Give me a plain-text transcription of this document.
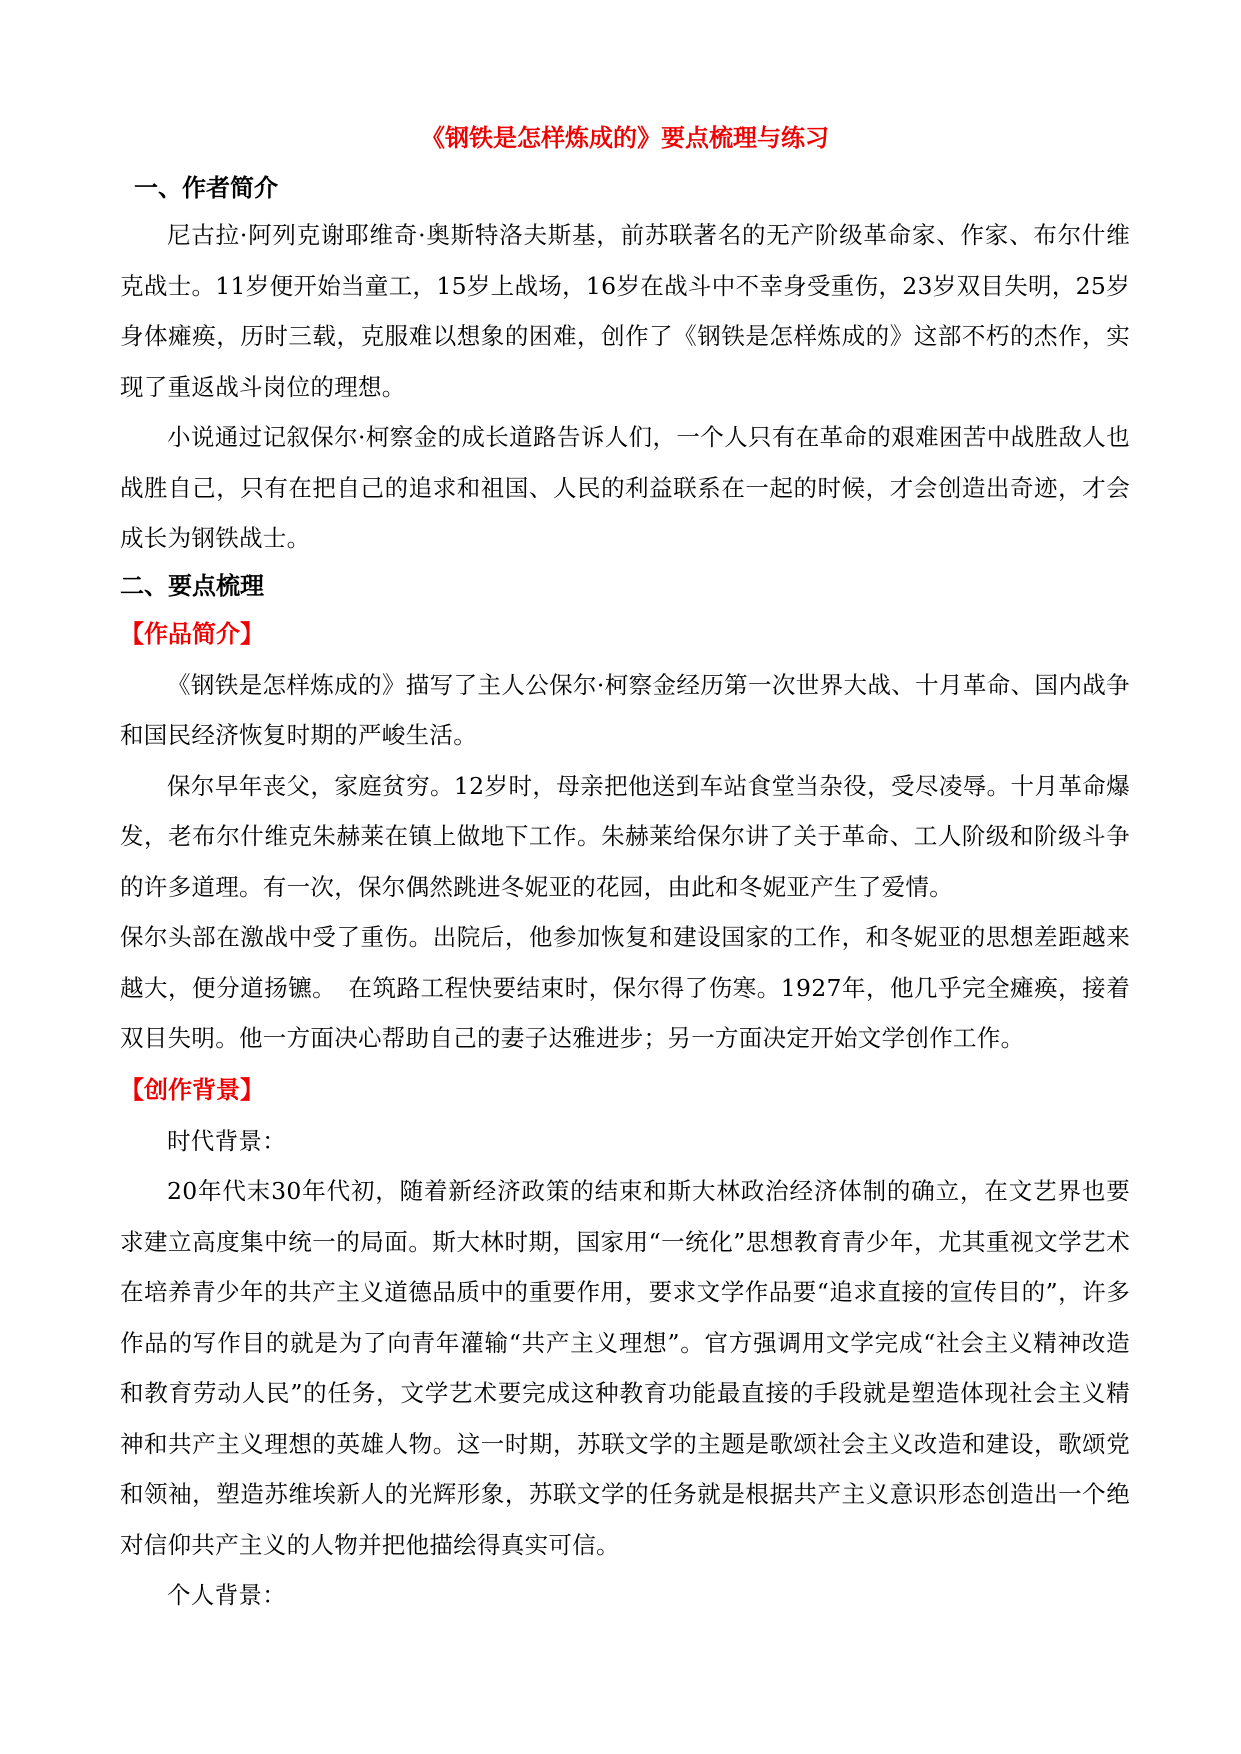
《钢铁是怎样炼成的》要点梳理与练习
一、作者简介

尼古拉·阿列克谢耶维奇·奥斯特洛夫斯基，前苏联著名的无产阶级革命家、作家、布尔什维克战士。11岁便开始当童工，15岁上战场，16岁在战斗中不幸身受重伤，23岁双目失明，25岁身体瘫痪，历时三载，克服难以想象的困难，创作了《钢铁是怎样炼成的》这部不朽的杰作，实现了重返战斗岗位的理想。

小说通过记叙保尔·柯察金的成长道路告诉人们，一个人只有在革命的艰难困苦中战胜敌人也战胜自己，只有在把自己的追求和祖国、人民的利益联系在一起的时候，才会创造出奇迹，才会成长为钢铁战士。

二、要点梳理
【作品简介】

《钢铁是怎样炼成的》描写了主人公保尔·柯察金经历第一次世界大战、十月革命、国内战争和国民经济恢复时期的严峻生活。

保尔早年丧父，家庭贫穷。12岁时，母亲把他送到车站食堂当杂役，受尽凌辱。十月革命爆发，老布尔什维克朱赫莱在镇上做地下工作。朱赫莱给保尔讲了关于革命、工人阶级和阶级斗争的许多道理。有一次，保尔偶然跳进冬妮亚的花园，由此和冬妮亚产生了爱情。

保尔头部在激战中受了重伤。出院后，他参加恢复和建设国家的工作，和冬妮亚的思想差距越来越大，便分道扬镳。　在筑路工程快要结束时，保尔得了伤寒。1927年，他几乎完全瘫痪，接着双目失明。他一方面决心帮助自己的妻子达雅进步；另一方面决定开始文学创作工作。

【创作背景】

时代背景：

20年代末30年代初，随着新经济政策的结束和斯大林政治经济体制的确立，在文艺界也要求建立高度集中统一的局面。斯大林时期，国家用“一统化”思想教育青少年，尤其重视文学艺术在培养青少年的共产主义道德品质中的重要作用，要求文学作品要“追求直接的宣传目的”，许多作品的写作目的就是为了向青年灌输“共产主义理想”。官方强调用文学完成“社会主义精神改造和教育劳动人民”的任务，文学艺术要完成这种教育功能最直接的手段就是塑造体现社会主义精神和共产主义理想的英雄人物。这一时期，苏联文学的主题是歌颂社会主义改造和建设，歌颂党和领袖，塑造苏维埃新人的光辉形象，苏联文学的任务就是根据共产主义意识形态创造出一个绝对信仰共产主义的人物并把他描绘得真实可信。

个人背景：
